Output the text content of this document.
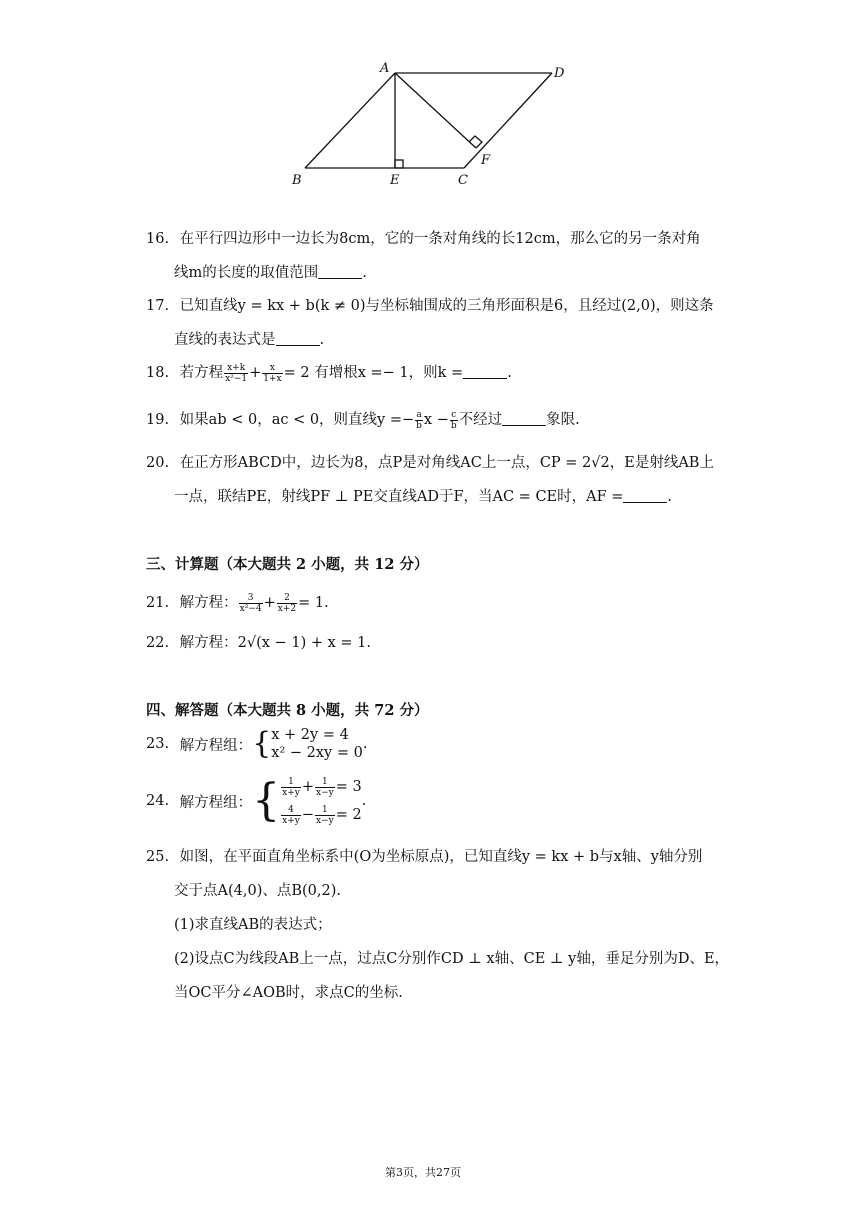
A	D
B	E	C
F
16. 在平行四边形中一边长为8cm，它的一条对角线的长12cm，那么它的另一条对角
线m的长度的取值范围	.
17. 已知直线y = kx + b(k ≠ 0)与坐标轴围成的三角形面积是6，且经过(2,0)，则这条
直线的表达式是	.
18. 若方程 $\frac{x+k}{\text{x²−1}} + \frac{x}{1+x} = 2$ 有增根x =− 1，则k =	.
19. 如果ab < 0，ac < 0，则直线$y =- \frac{a}{b}$ $x - \frac{c}{b}$ 不经过	象限.
20. 在正方形ABCD中，边长为8，点P是对角线AC上一点，CP = 2√2，E是射线AB上
一点，联结PE，射线PF ⊥ PE交直线AD于F，当AC = CE时，AF =	.
三、计算题（本大题共 2 小题，共 12 分）
21. 解方程： $\frac{3}{\text{x²−4}} + \frac{2}{x+2} = 1$.
22. 解方程：2√(x − 1) + x = 1.
四、解答题（本大题共 8 小题，共 72 分）
23. 解方程组：{ x + 2y = 4
x² − 2xy = 0
.
24. 解方程组：{ $\frac{1}{x+y} + \frac{1}{x-y} = 3$
$\frac{4}{x+y} - \frac{1}{x-y} = 2$
.
25. 如图，在平面直角坐标系中(O为坐标原点)，已知直线y = kx + b与x轴、y轴分别
交于点A(4,0)、点B(0,2).
(1)求直线AB的表达式；
(2)设点C为线段AB上一点，过点C分别作CD ⊥ x轴、CE ⊥ y轴，垂足分别为D、E，
当OC平分∠AOB时，求点C的坐标.
第3页，共27页
